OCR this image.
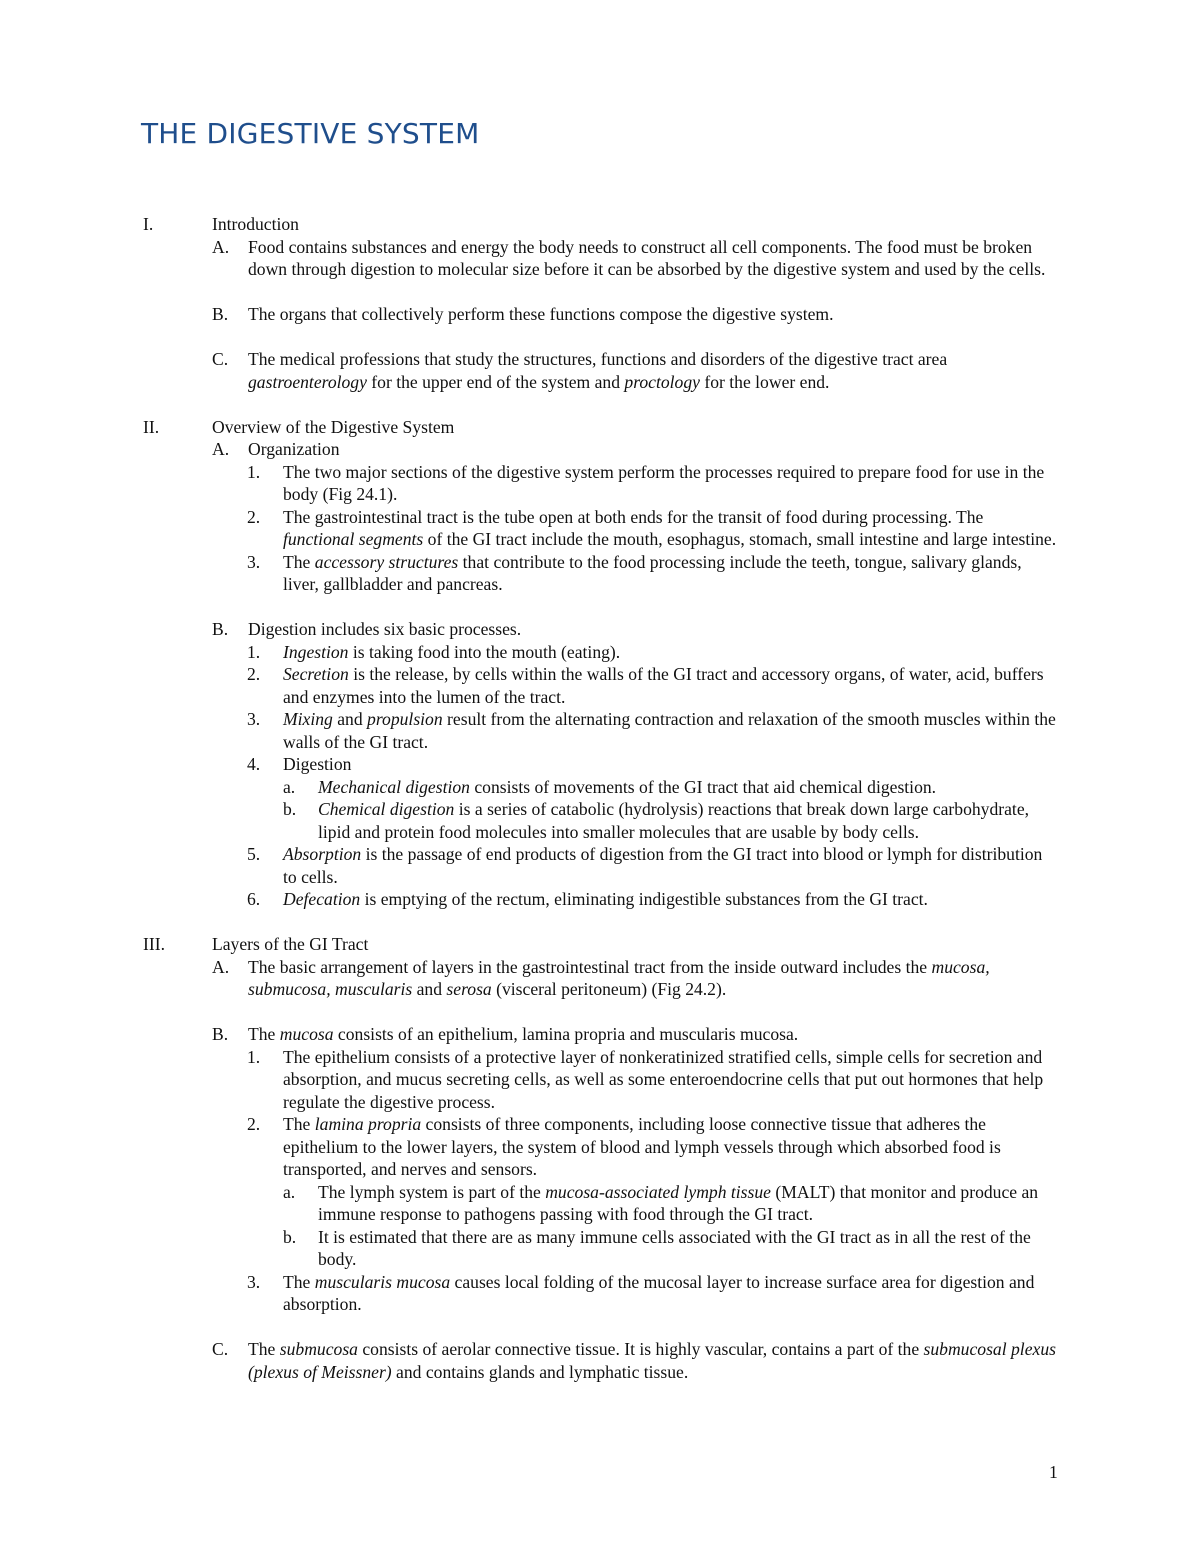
THE DIGESTIVE SYSTEM
I.	Introduction
A. Food contains substances and energy the body needs to construct all cell components. The food must be broken down through digestion to molecular size before it can be absorbed by the digestive system and used by the cells.
B. The organs that collectively perform these functions compose the digestive system.
C. The medical professions that study the structures, functions and disorders of the digestive tract area gastroenterology for the upper end of the system and proctology for the lower end.
II.	Overview of the Digestive System
A. Organization
1. The two major sections of the digestive system perform the processes required to prepare food for use in the body (Fig 24.1).
2. The gastrointestinal tract is the tube open at both ends for the transit of food during processing. The functional segments of the GI tract include the mouth, esophagus, stomach, small intestine and large intestine.
3. The accessory structures that contribute to the food processing include the teeth, tongue, salivary glands, liver, gallbladder and pancreas.
B. Digestion includes six basic processes.
1. Ingestion is taking food into the mouth (eating).
2. Secretion is the release, by cells within the walls of the GI tract and accessory organs, of water, acid, buffers and enzymes into the lumen of the tract.
3. Mixing and propulsion result from the alternating contraction and relaxation of the smooth muscles within the walls of the GI tract.
4. Digestion
a. Mechanical digestion consists of movements of the GI tract that aid chemical digestion.
b. Chemical digestion is a series of catabolic (hydrolysis) reactions that break down large carbohydrate, lipid and protein food molecules into smaller molecules that are usable by body cells.
5. Absorption is the passage of end products of digestion from the GI tract into blood or lymph for distribution to cells.
6. Defecation is emptying of the rectum, eliminating indigestible substances from the GI tract.
III.	Layers of the GI Tract
A. The basic arrangement of layers in the gastrointestinal tract from the inside outward includes the mucosa, submucosa, muscularis and serosa (visceral peritoneum) (Fig 24.2).
B. The mucosa consists of an epithelium, lamina propria and muscularis mucosa.
1. The epithelium consists of a protective layer of nonkeratinized stratified cells, simple cells for secretion and absorption, and mucus secreting cells, as well as some enteroendocrine cells that put out hormones that help regulate the digestive process.
2. The lamina propria consists of three components, including loose connective tissue that adheres the epithelium to the lower layers, the system of blood and lymph vessels through which absorbed food is transported, and nerves and sensors.
a. The lymph system is part of the mucosa-associated lymph tissue (MALT) that monitor and produce an immune response to pathogens passing with food through the GI tract.
b. It is estimated that there are as many immune cells associated with the GI tract as in all the rest of the body.
3. The muscularis mucosa causes local folding of the mucosal layer to increase surface area for digestion and absorption.
C. The submucosa consists of aerolar connective tissue. It is highly vascular, contains a part of the submucosal plexus (plexus of Meissner) and contains glands and lymphatic tissue.
1
